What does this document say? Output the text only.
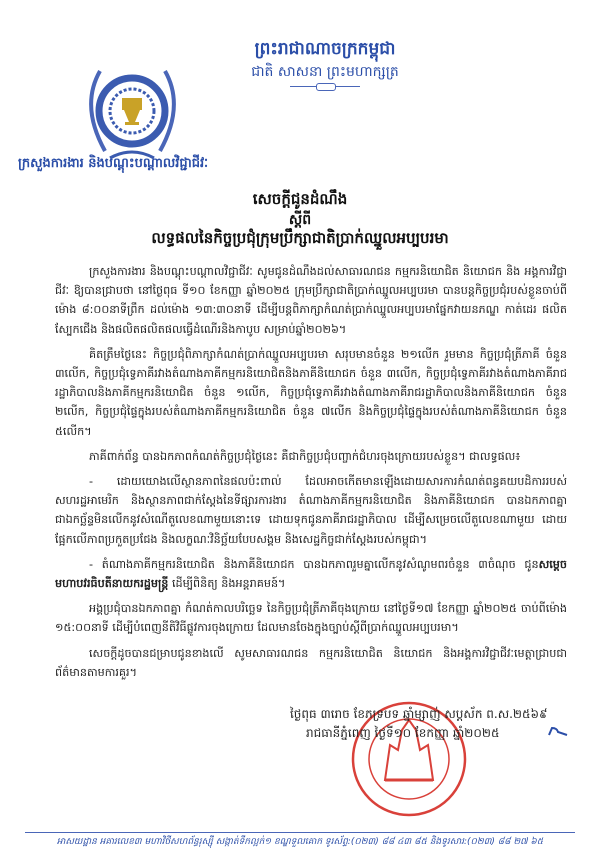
ព្រះរាជាណាចក្រកម្ពុជា
ជាតិ សាសនា ព្រះមហាក្សត្រ
ក្រសួងការងារ និងបណ្តុះបណ្តាលវិជ្ជាជីវៈ
សេចក្តីជូនដំណឹង
ស្តីពី
លទ្ធផលនៃកិច្ចប្រជុំក្រុមប្រឹក្សាជាតិប្រាក់ឈ្នួលអប្បបរមា

ក្រសួងការងារ និងបណ្តុះបណ្តាលវិជ្ជាជីវៈ សូមជូនដំណឹងដល់សាធារណជន កម្មករនិយោជិត និយោជក និង អង្គការវិជ្ជាជីវៈ ឱ្យបានជ្រាបថា នៅថ្ងៃពុធ ទី១០ ខែកញ្ញា ឆ្នាំ២០២៥ ក្រុមប្រឹក្សាជាតិប្រាក់ឈ្នួលអប្បបរមា បានបន្តកិច្ចប្រជុំរបស់ខ្លួនចាប់ពីម៉ោង ៨:០០នាទីព្រឹក ដល់ម៉ោង ១៣:៣០នាទី ដើម្បីបន្តពិភាក្សាកំណត់ប្រាក់ឈ្នួលអប្បបរមាផ្នែកវាយនភណ្ឌ កាត់ដេរ ផលិតស្បែកជើង និងផលិតផលិតផលធ្វើដំណើរនិងកាបូប សម្រាប់ឆ្នាំ២០២៦។

គិតត្រឹមថ្ងៃនេះ កិច្ចប្រជុំពិភាក្សាកំណត់ប្រាក់ឈ្នួលអប្បបរមា សរុបមានចំនួន ២១លើក រួមមាន កិច្ចប្រជុំត្រីភាគី ចំនួន ៣លើក, កិច្ចប្រជុំទ្វេភាគីរវាងតំណាងភាគីកម្មករនិយោជិតនិងភាគីនិយោជក ចំនួន ៣លើក, កិច្ចប្រជុំទ្វេភាគីរវាងតំណាងភាគីរាជរដ្ឋាភិបាលនិងភាគីកម្មករនិយោជិត ចំនួន ១លើក, កិច្ចប្រជុំទ្វេភាគីរវាងតំណាងភាគីរាជរដ្ឋាភិបាលនិងភាគីនិយោជក ចំនួន ២លើក, កិច្ចប្រជុំផ្ទៃក្នុងរបស់តំណាងភាគីកម្មករនិយោជិត ចំនួន ៧លើក និងកិច្ចប្រជុំផ្ទៃក្នុងរបស់តំណាងភាគីនិយោជក ចំនួន ៥លើក។

ភាគីពាក់ព័ន្ធ បានឯកភាពកំណត់កិច្ចប្រជុំថ្ងៃនេះ គឺជាកិច្ចប្រជុំបញ្ចាក់ជំហរចុងក្រោយរបស់ខ្លួន។ ជាលទ្ធផល៖

- ដោយយោងលើស្ថានភាពនៃផលប៉ះពាល់ ដែលអាចកើតមានឡើងដោយសារការកំណត់ពន្ធគយបដិការរបស់សហរដ្ឋអាមេរិក និងស្ថានភាពជាក់ស្តែងនៃទីផ្សារការងារ តំណាងភាគីកម្មករនិយោជិត និងភាគីនិយោជក បានឯកភាពគ្នាជាឯកច្ឆ័ន្ទមិនលើកនូវសំណើតួលេខណាមួយនោះទេ ដោយទុកជូនភាគីរាជរដ្ឋាភិបាល ដើម្បីសម្រេចលើតួលេខណាមួយ ដោយផ្អែកលើភាពប្រកួតប្រជែង និងលក្ខណៈវិនិច្ឆ័យបែបសង្គម និងសេដ្ឋកិច្ចជាក់ស្តែងរបស់កម្ពុជា។

- តំណាងភាគីកម្មករនិយោជិត និងភាគីនិយោជក បានឯកភាពរួមគ្នាលើកនូវសំណូមពរចំនួន ៣ចំណុច ជូនសម្តេចមហាបវរធិបតីនាយករដ្ឋមន្ត្រី ដើម្បីពិនិត្យ និងអន្តរាគមន៍។

អង្គប្រជុំបានឯកភាពគ្នា កំណត់កាលបរិច្ឆេទ នៃកិច្ចប្រជុំត្រីភាគីចុងក្រោយ នៅថ្ងៃទី១៧ ខែកញ្ញា ឆ្នាំ២០២៥ ចាប់ពីម៉ោង ១៥:០០នាទី ដើម្បីបំពេញនីតិវិធីផ្លូវការចុងក្រោយ ដែលមានចែងក្នុងច្បាប់ស្តីពីប្រាក់ឈ្នួលអប្បបរមា។

សេចក្តីដូចបានជម្រាបជូនខាងលើ សូមសាធារណជន កម្មករនិយោជិត និយោជក និងអង្គការវិជ្ជាជីវៈមេត្តាជ្រាបជាព័ត៌មានតាមការគួរ។

ថ្ងៃពុធ ៣រោច ខែភទ្របទ ឆ្នាំម្សាញ់ សប្តស័ក ព.ស.២៥៦៩
រាជធានីភ្នំពេញ ថ្ងៃទី១០ ខែកញ្ញា ឆ្នាំ២០២៥
អាសយដ្ឋាន អគារលេខ៣ មហាវិថីសហព័ន្ធរុស្ស៊ី សង្កាត់ទឹកល្អក់១ ខណ្ឌទួលគោក ទូរស័ព្ទ:(០២៣) ៨៨ ៤៣ ៨៥ និងទូរសារ:(០២៣) ៨៨ ២៧ ៦៥
